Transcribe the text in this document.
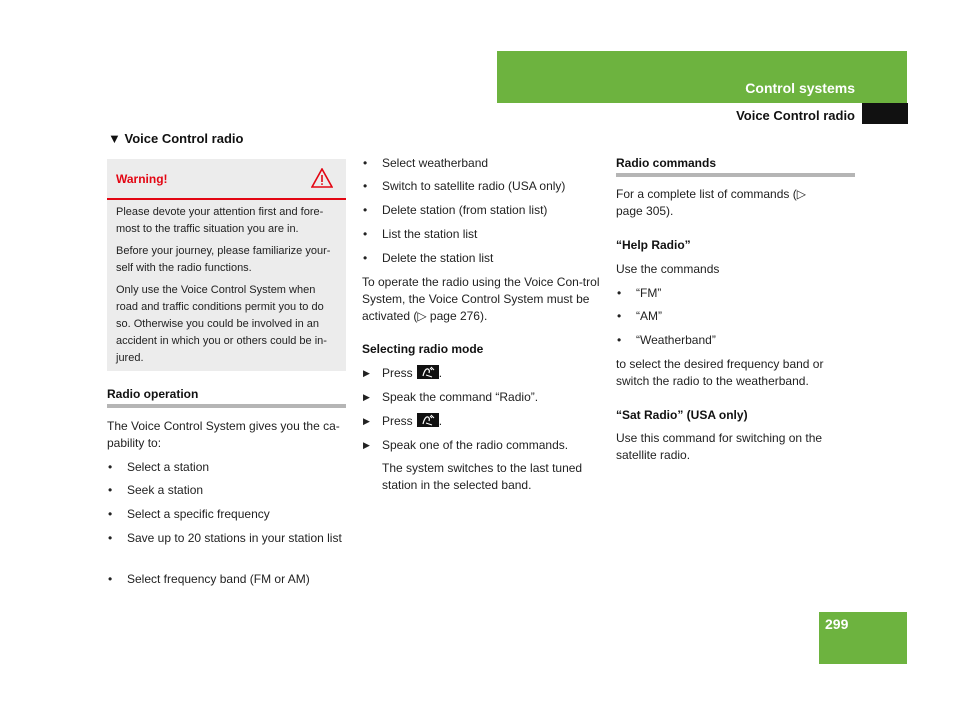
Control systems
Voice Control radio
▼ Voice Control radio
Warning!

Please devote your attention first and fore-most to the traffic situation you are in.

Before your journey, please familiarize your-self with the radio functions.

Only use the Voice Control System when road and traffic conditions permit you to do so. Otherwise you could be involved in an accident in which you or others could be in-jured.

Radio operation
The Voice Control System gives you the ca-pability to:
• Select a station
• Seek a station
• Select a specific frequency
• Save up to 20 stations in your station list
• Select frequency band (FM or AM)
• Select weatherband
• Switch to satellite radio (USA only)
• Delete station (from station list)
• List the station list
• Delete the station list
To operate the radio using the Voice Con-trol System, the Voice Control System must be activated (▷ page 276).
Selecting radio mode
▶ Press .
▶ Speak the command “Radio”.
▶ Press .
▶ Speak one of the radio commands.
The system switches to the last tuned station in the selected band.
Radio commands
For a complete list of commands (▷ page 305).
“Help Radio”
Use the commands
• “FM”
• “AM”
• “Weatherband”
to select the desired frequency band or switch the radio to the weatherband.
“Sat Radio” (USA only)
Use this command for switching on the satellite radio.
299
